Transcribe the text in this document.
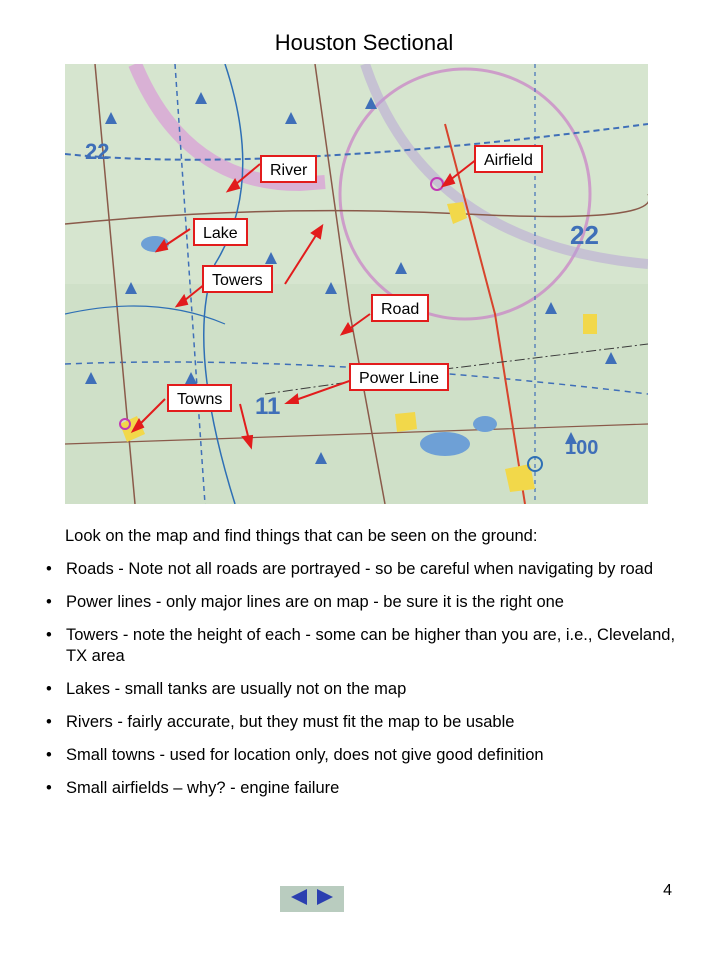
Houston Sectional
22
22
11
100
River
Airfield
Lake
Towers
Road
Power Line
Towns
Look on the map and find things that can be seen on the ground:
• Roads - Note not all roads are portrayed - so be careful when navigating by road
• Power lines - only major lines are on map - be sure it is the right one
• Towers - note the height of each - some can be higher than you are, i.e., Cleveland, TX area
• Lakes - small tanks are usually not on the map
• Rivers - fairly accurate, but they must fit the map to be usable
• Small towns - used for location only, does not give good definition
• Small airfields – why? - engine failure
4
